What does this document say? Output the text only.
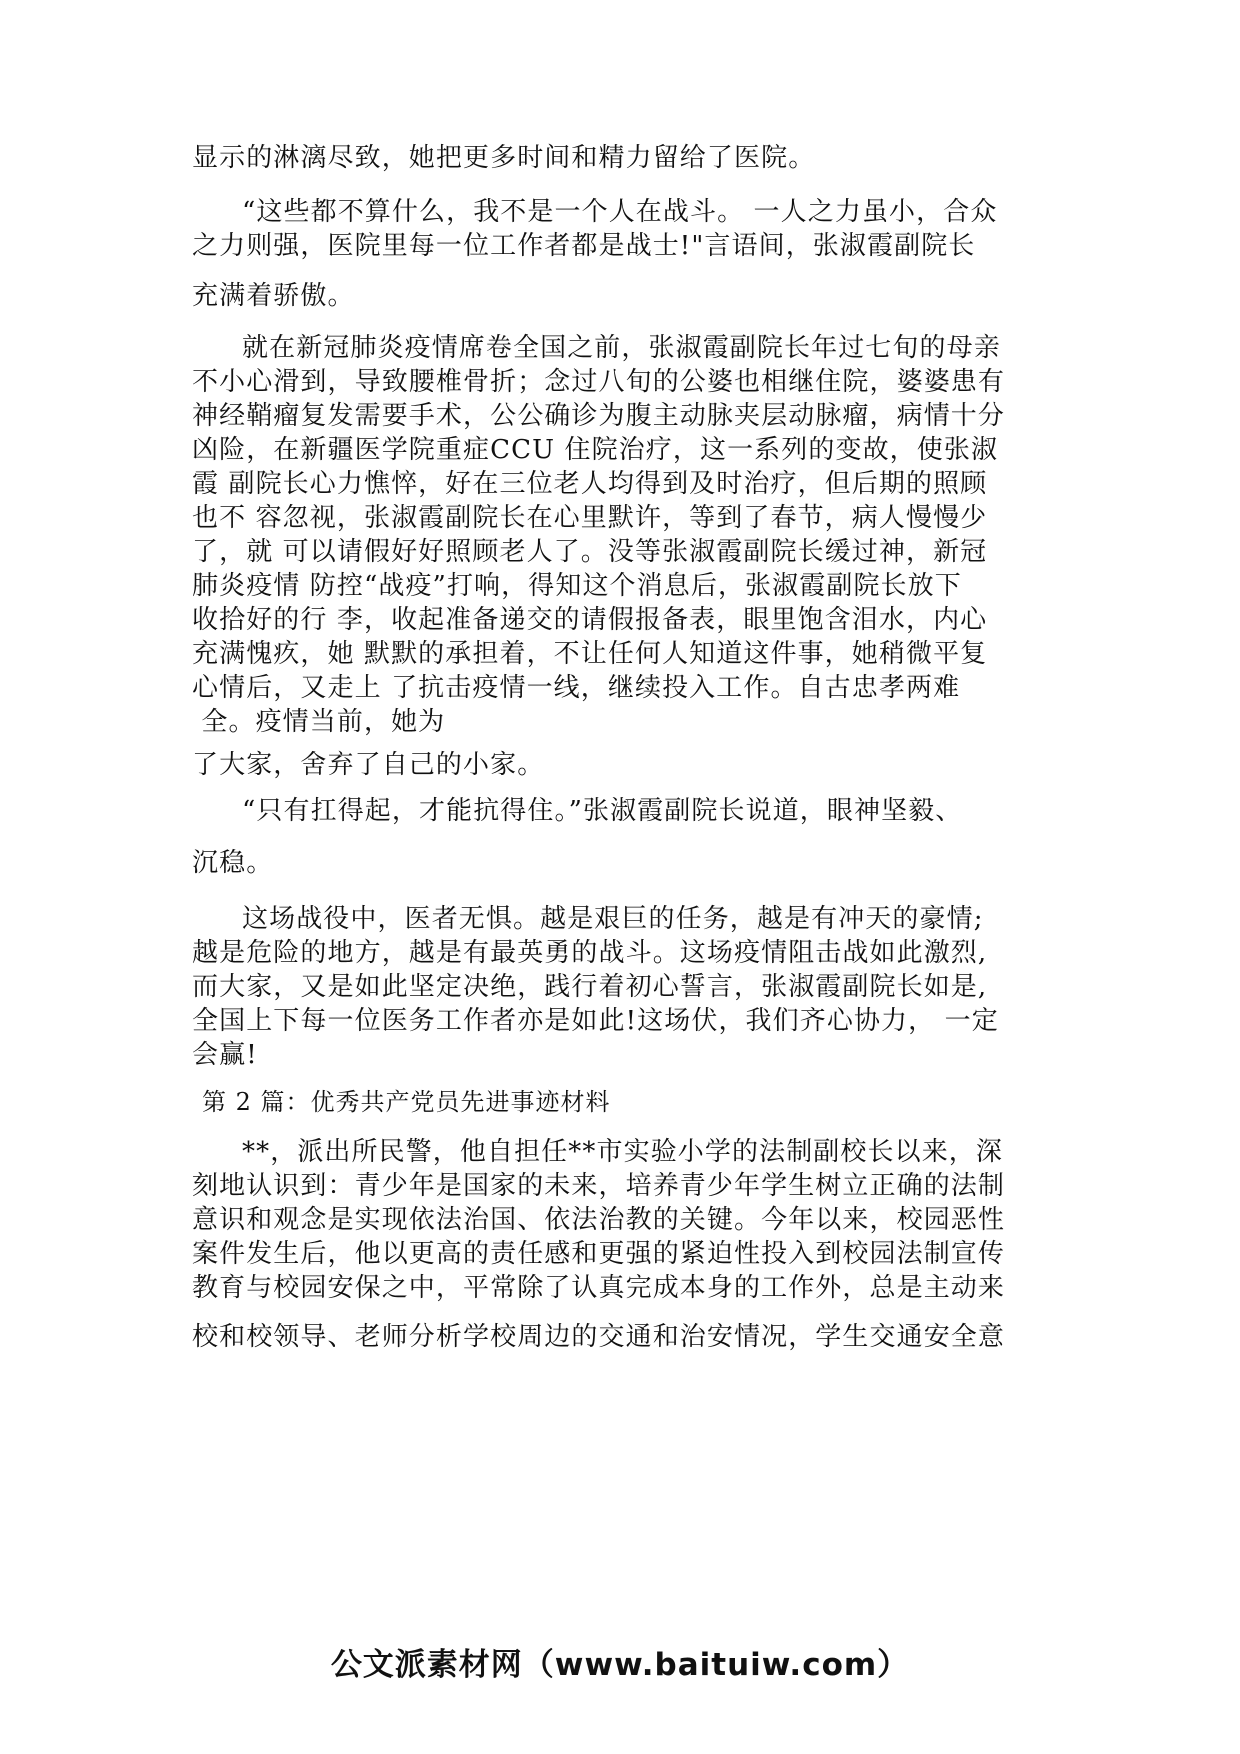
显示的淋漓尽致，她把更多时间和精力留给了医院。
“这些都不算什么，我不是一个人在战斗。 一人之力虽小，合众
之力则强，医院里每一位工作者都是战士!"言语间，张淑霞副院长
充满着骄傲。
就在新冠肺炎疫情席卷全国之前，张淑霞副院长年过七旬的母亲
不小心滑到，导致腰椎骨折；念过八旬的公婆也相继住院，婆婆患有
神经鞘瘤复发需要手术，公公确诊为腹主动脉夹层动脉瘤，病情十分
凶险，在新疆医学院重症CCU 住院治疗，这一系列的变故，使张淑
霞 副院长心力憔悴，好在三位老人均得到及时治疗，但后期的照顾
也不 容忽视，张淑霞副院长在心里默许，等到了春节，病人慢慢少
了，就 可以请假好好照顾老人了。没等张淑霞副院长缓过神，新冠
肺炎疫情 防控“战疫”打响，得知这个消息后，张淑霞副院长放下
收拾好的行 李，收起准备递交的请假报备表，眼里饱含泪水，内心
充满愧疚，她 默默的承担着，不让任何人知道这件事，她稍微平复
心情后，又走上 了抗击疫情一线，继续投入工作。自古忠孝两难
全。疫情当前，她为
了大家，舍弃了自己的小家。
“只有扛得起，才能抗得住。”张淑霞副院长说道，眼神坚毅、
沉稳。
这场战役中，医者无惧。越是艰巨的任务，越是有冲天的豪情;
越是危险的地方，越是有最英勇的战斗。这场疫情阻击战如此激烈,
而大家，又是如此坚定决绝，践行着初心誓言，张淑霞副院长如是,
全国上下每一位医务工作者亦是如此!这场伏，我们齐心协力， 一定
会赢!
第 2 篇：优秀共产党员先进事迹材料
**，派出所民警，他自担任**市实验小学的法制副校长以来，深
刻地认识到：青少年是国家的未来，培养青少年学生树立正确的法制
意识和观念是实现依法治国、依法治教的关键。今年以来，校园恶性
案件发生后，他以更高的责任感和更强的紧迫性投入到校园法制宣传
教育与校园安保之中，平常除了认真完成本身的工作外，总是主动来
校和校领导、老师分析学校周边的交通和治安情况，学生交通安全意
公文派素材网（www.baituiw.com）
